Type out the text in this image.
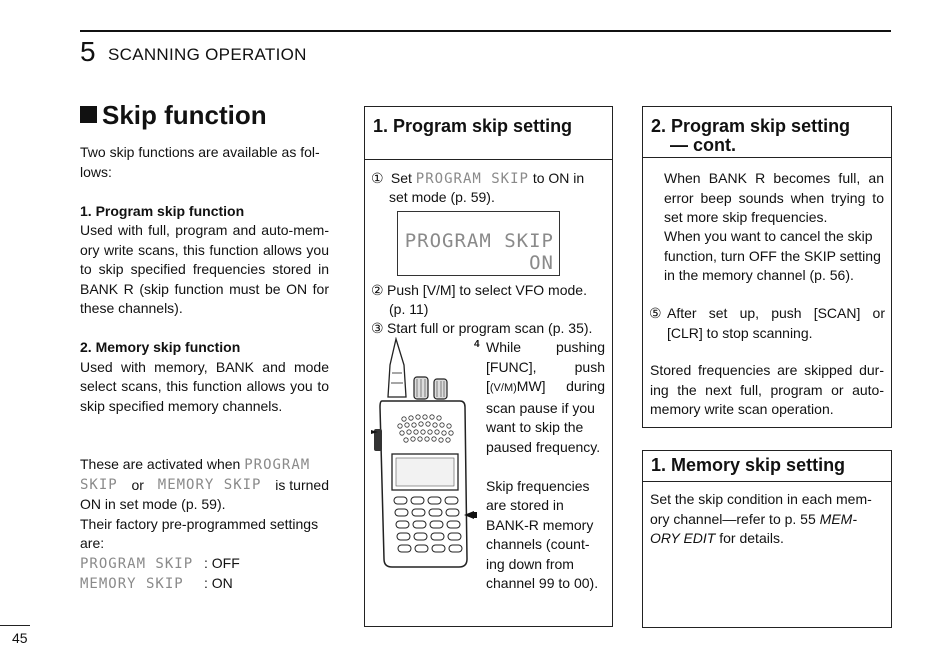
5 SCANNING OPERATION
Skip function

Two skip functions are available as fol-

lows:

1. Program skip function

Used with full, program and auto-mem-ory write scans, this function allows you to skip specified frequencies stored in BANK R (skip function must be ON for these channels).

2. Memory skip function

Used with memory, BANK and mode select scans, this function allows you to skip specified memory channels.

These are activated when PROGRAM

SKIP or MEMORY SKIP is turned

ON in set mode (p. 59).

Their factory pre-programmed settings

are:

PROGRAM SKIP : OFF

MEMORY SKIP : ON

1. Program skip setting
① Set PROGRAM SKIP to ON in
set mode (p. 59).
PROGRAM SKIP
ON
② Push [V/M] to select VFO mode.
(p. 11)
③ Start full or program scan (p. 35).
4 While pushing

[FUNC],	push

[(V/M)MW] during

scan pause if you

want to skip the

paused frequency.

Skip frequencies

are stored in

BANK-R memory

channels (count-

ing down from

channel 99 to 00).

2. Program skip setting
— cont.
When BANK R becomes full, an error beep sounds when trying to set more skip frequencies.
When you want to cancel the skip function, turn OFF the SKIP setting in the memory channel (p. 56).

⑤ After set up, push [SCAN] or

[CLR] to stop scanning.

Stored frequencies are skipped dur-ing the next full, program or auto-memory write scan operation.
1. Memory skip setting

Set the skip condition in each mem-

ory channel—refer to p. 55 MEM-

ORY EDIT for details.

45
